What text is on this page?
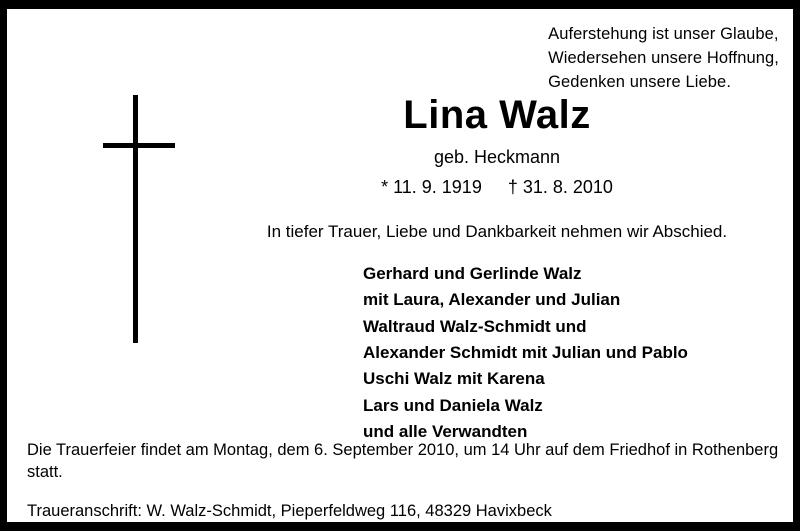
Auferstehung ist unser Glaube,
Wiedersehen unsere Hoffnung,
Gedenken unsere Liebe.
Lina Walz
geb. Heckmann
* 11. 9. 1919 † 31. 8. 2010
In tiefer Trauer, Liebe und Dankbarkeit nehmen wir Abschied.
Gerhard und Gerlinde Walz
mit Laura, Alexander und Julian
Waltraud Walz-Schmidt und
Alexander Schmidt mit Julian und Pablo
Uschi Walz mit Karena
Lars und Daniela Walz
und alle Verwandten

Die Trauerfeier findet am Montag, dem 6. September 2010, um 14 Uhr auf dem Friedhof in Rothenberg statt.

Traueranschrift: W. Walz-Schmidt, Pieperfeldweg 116, 48329 Havixbeck
